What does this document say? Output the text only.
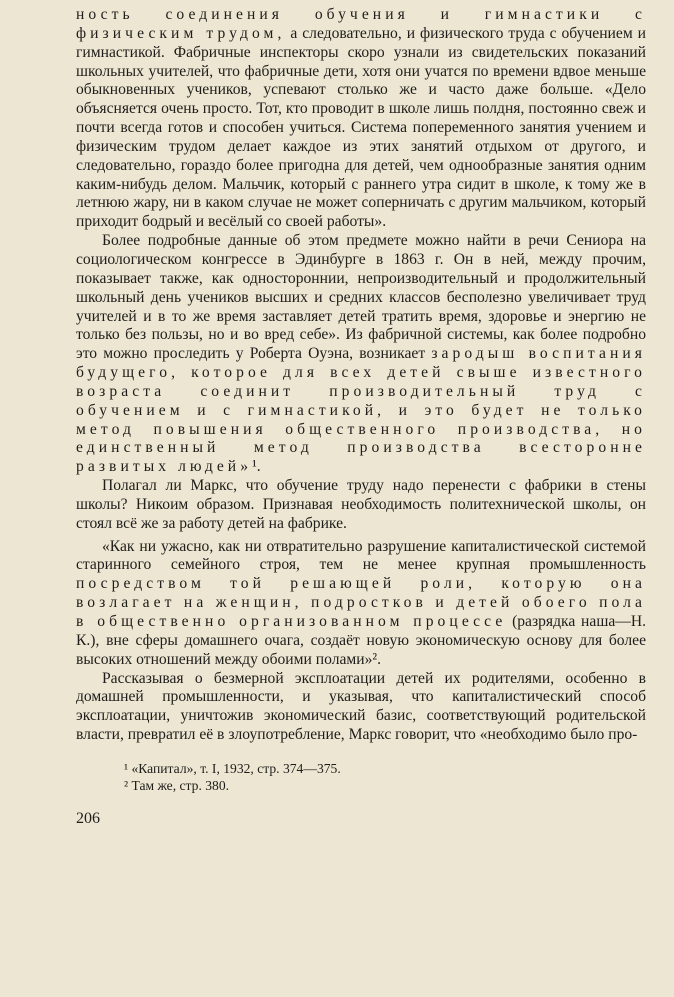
ность соединения обучения и гимнастики с физическим трудом, а следовательно, и физического труда с обучением и гимнастикой. Фабричные инспекторы скоро узнали из свидетельских показаний школьных учителей, что фабричные дети, хотя они учатся по времени вдвое меньше обыкновенных учеников, успевают столько же и часто даже больше. «Дело объясняется очень просто. Тот, кто проводит в школе лишь полдня, постоянно свеж и почти всегда готов и способен учиться. Система попеременного занятия учением и физическим трудом делает каждое из этих занятий отдыхом от другого, и следовательно, гораздо более пригодна для детей, чем однообразные занятия одним каким-нибудь делом. Мальчик, который с раннего утра сидит в школе, к тому же в летнюю жару, ни в каком случае не может соперничать с другим мальчиком, который приходит бодрый и весёлый со своей работы».

Более подробные данные об этом предмете можно найти в речи Сениора на социологическом конгрессе в Эдинбурге в 1863 г. Он в ней, между прочим, показывает также, как одностороннии, непроизводительный и продолжительный школьный день учеников высших и средних классов бесполезно увеличивает труд учителей и в то же время заставляет детей тратить время, здоровье и энергию не только без пользы, но и во вред себе». Из фабричной системы, как более подробно это можно проследить у Роберта Оуэна, возникает зародыш воспитания будущего, которое для всех детей свыше известного возраста соединит производительный труд с обучением и с гимнастикой, и это будет не только метод повышения общественного производства, но единственный метод производства всесторонне развитых людей»¹.

Полагал ли Маркс, что обучение труду надо перенести с фабрики в стены школы? Никоим образом. Признавая необходимость политехнической школы, он стоял всё же за работу детей на фабрике.

«Как ни ужасно, как ни отвратительно разрушение капиталистической системой старинного семейного строя, тем не менее крупная промышленность посредством той решающей роли, которую она возлагает на женщин, подростков и детей обоего пола в общественно организованном процессе (разрядка наша—Н. К.), вне сферы домашнего очага, создаёт новую экономическую основу для более высоких отношений между обоими полами»².

Рассказывая о безмерной эксплоатации детей их родителями, особенно в домашней промышленности, и указывая, что капиталистический способ эксплоатации, уничтожив экономический базис, соответствующий родительской власти, превратил её в злоупотребление, Маркс говорит, что «необходимо было про-

¹ «Капитал», т. I, 1932, стр. 374—375.

² Там же, стр. 380.

206
